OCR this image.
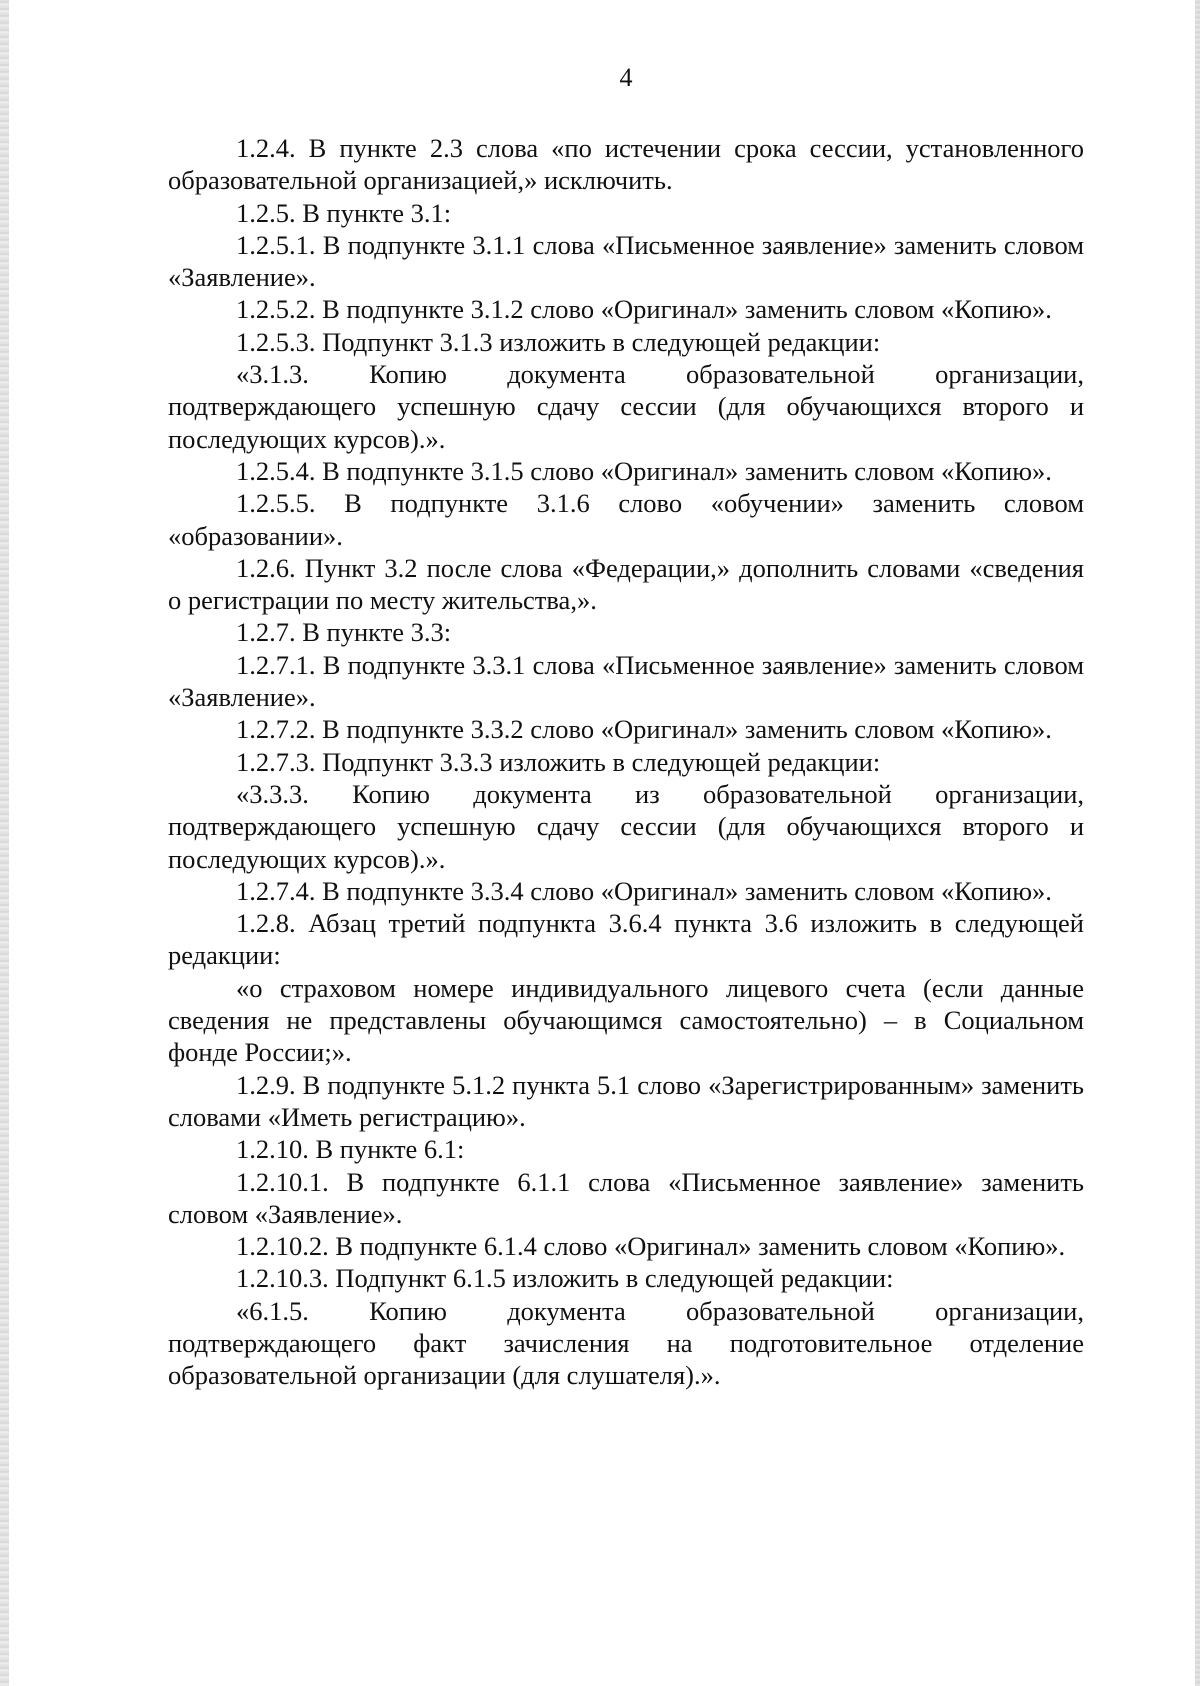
4

1.2.4. В пункте 2.3 слова «по истечении срока сессии, установленного образовательной организацией,» исключить.

1.2.5. В пункте 3.1:

1.2.5.1. В подпункте 3.1.1 слова «Письменное заявление» заменить словом «Заявление».

1.2.5.2. В подпункте 3.1.2 слово «Оригинал» заменить словом «Копию».

1.2.5.3. Подпункт 3.1.3 изложить в следующей редакции:

«3.1.3. Копию документа образовательной организации, подтверждающего успешную сдачу сессии (для обучающихся второго и последующих курсов).».

1.2.5.4. В подпункте 3.1.5 слово «Оригинал» заменить словом «Копию».

1.2.5.5. В подпункте 3.1.6 слово «обучении» заменить словом «образовании».

1.2.6. Пункт 3.2 после слова «Федерации,» дополнить словами «сведения о регистрации по месту жительства,».

1.2.7. В пункте 3.3:

1.2.7.1. В подпункте 3.3.1 слова «Письменное заявление» заменить словом «Заявление».

1.2.7.2. В подпункте 3.3.2 слово «Оригинал» заменить словом «Копию».

1.2.7.3. Подпункт 3.3.3 изложить в следующей редакции:

«3.3.3. Копию документа из образовательной организации, подтверждающего успешную сдачу сессии (для обучающихся второго и последующих курсов).».

1.2.7.4. В подпункте 3.3.4 слово «Оригинал» заменить словом «Копию».

1.2.8. Абзац третий подпункта 3.6.4 пункта 3.6 изложить в следующей редакции:

«о страховом номере индивидуального лицевого счета (если данные сведения не представлены обучающимся самостоятельно) – в Социальном фонде России;».

1.2.9. В подпункте 5.1.2 пункта 5.1 слово «Зарегистрированным» заменить словами «Иметь регистрацию».

1.2.10. В пункте 6.1:

1.2.10.1. В подпункте 6.1.1 слова «Письменное заявление» заменить словом «Заявление».

1.2.10.2. В подпункте 6.1.4 слово «Оригинал» заменить словом «Копию».

1.2.10.3. Подпункт 6.1.5 изложить в следующей редакции:

«6.1.5. Копию документа образовательной организации, подтверждающего факт зачисления на подготовительное отделение образовательной организации (для слушателя).».
